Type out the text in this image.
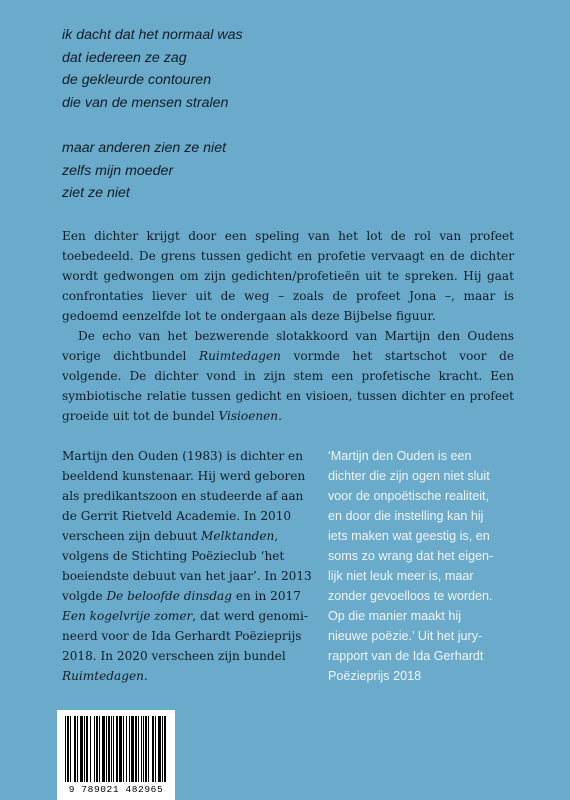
ik dacht dat het normaal was
dat iedereen ze zag
de gekleurde contouren
die van de mensen stralen
maar anderen zien ze niet
zelfs mijn moeder
ziet ze niet

Een dichter krijgt door een speling van het lot de rol van profeet toebedeeld. De grens tussen gedicht en profetie vervaagt en de dichter wordt gedwongen om zijn gedichten/profetieën uit te spreken. Hij gaat confrontaties liever uit de weg – zoals de profeet Jona –, maar is gedoemd eenzelfde lot te ondergaan als deze Bijbelse figuur.

De echo van het bezwerende slotakkoord van Martijn den Oudens vorige dichtbundel Ruimtedagen vormde het startschot voor de volgende. De dichter vond in zijn stem een profetische kracht. Een symbiotische relatie tussen gedicht en visioen, tussen dichter en profeet groeide uit tot de bundel Visioenen.

Martijn den Ouden (1983) is dichter en
beeldend kunstenaar. Hij werd geboren
als predikantszoon en studeerde af aan
de Gerrit Rietveld Academie. In 2010
verscheen zijn debuut Melktanden,
volgens de Stichting Poëzieclub ‘het
boeiendste debuut van het jaar’. In 2013
volgde De beloofde dinsdag en in 2017
Een kogelvrije zomer, dat werd genomi-
neerd voor de Ida Gerhardt Poëzieprijs
2018. In 2020 verscheen zijn bundel
Ruimtedagen.
‘Martijn den Ouden is een
dichter die zijn ogen niet sluit
voor de onpoëtische realiteit,
en door die instelling kan hij
iets maken wat geestig is, en
soms zo wrang dat het eigen-
lijk niet leuk meer is, maar
zonder gevoelloos te worden.
Op die manier maakt hij
nieuwe poëzie.’ Uit het jury-
rapport van de Ida Gerhardt
Poëzieprijs 2018
9 789021 482965
